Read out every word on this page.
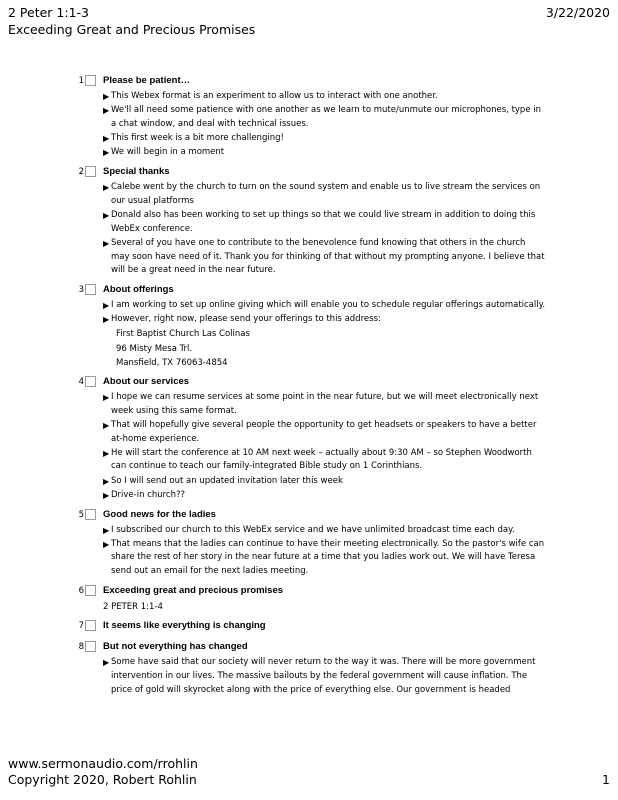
2 Peter 1:1-3	3/22/2020
Exceeding Great and Precious Promises
1 Please be patient…
▶ This Webex format is an experiment to allow us to interact with one another.
▶ We'll all need some patience with one another as we learn to mute/unmute our microphones, type in a chat window, and deal with technical issues.
▶ This first week is a bit more challenging!
▶ We will begin in a moment
2 Special thanks
▶ Calebe went by the church to turn on the sound system and enable us to live stream the services on our usual platforms
▶ Donald also has been working to set up things so that we could live stream in addition to doing this WebEx conference.
▶ Several of you have one to contribute to the benevolence fund knowing that others in the church may soon have need of it. Thank you for thinking of that without my prompting anyone. I believe that will be a great need in the near future.
3 About offerings
▶ I am working to set up online giving which will enable you to schedule regular offerings automatically.
▶ However, right now, please send your offerings to this address:
First Baptist Church Las Colinas
96 Misty Mesa Trl.
Mansfield, TX 76063-4854
4 About our services
▶ I hope we can resume services at some point in the near future, but we will meet electronically next week using this same format.
▶ That will hopefully give several people the opportunity to get headsets or speakers to have a better at-home experience.
▶ He will start the conference at 10 AM next week – actually about 9:30 AM – so Stephen Woodworth can continue to teach our family-integrated Bible study on 1 Corinthians.
▶ So I will send out an updated invitation later this week
▶ Drive-in church??
5 Good news for the ladies
▶ I subscribed our church to this WebEx service and we have unlimited broadcast time each day.
▶ That means that the ladies can continue to have their meeting electronically. So the pastor's wife can share the rest of her story in the near future at a time that you ladies work out. We will have Teresa send out an email for the next ladies meeting.
6 Exceeding great and precious promises
2 PETER 1:1-4
7 It seems like everything is changing
8 But not everything has changed
▶ Some have said that our society will never return to the way it was. There will be more government intervention in our lives. The massive bailouts by the federal government will cause inflation. The price of gold will skyrocket along with the price of everything else. Our government is headed
www.sermonaudio.com/rrohlin
Copyright 2020, Robert Rohlin	1
